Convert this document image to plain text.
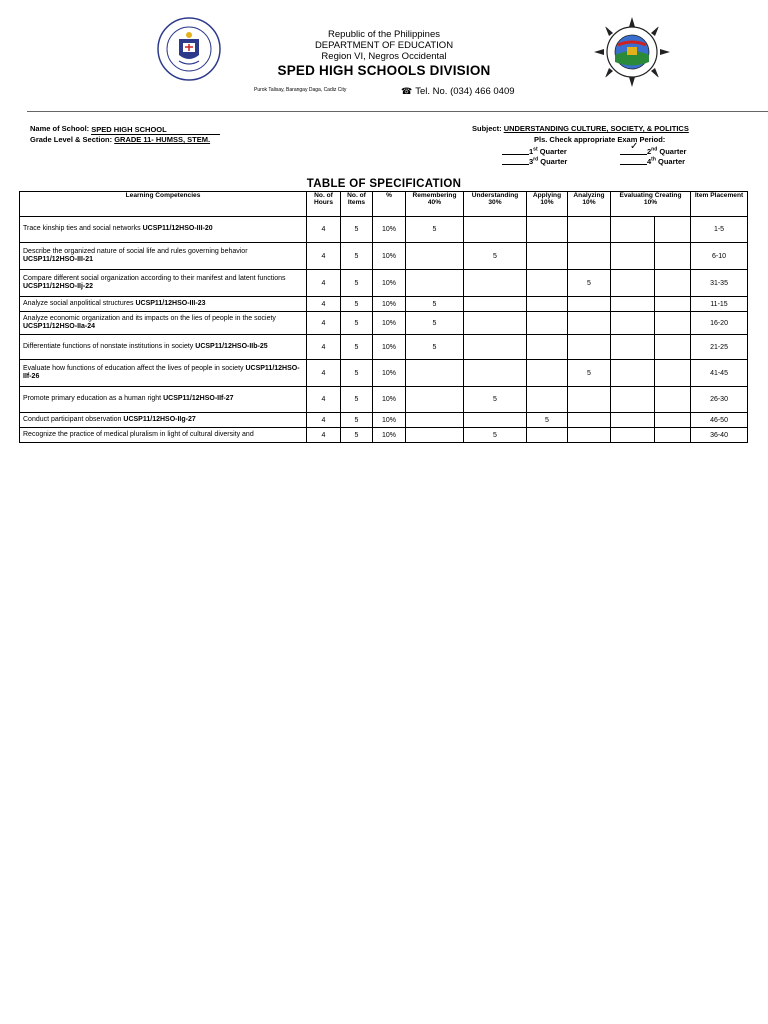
Republic of the Philippines
DEPARTMENT OF EDUCATION
Region VI, Negros Occidental
SPED HIGH SCHOOLS DIVISION
Purok Talisay, Barangay Daga, Cadiz City	☎ Tel. No. (034) 466 0409
Name of School: SPED HIGH SCHOOL
Grade Level & Section: GRADE 11- HUMSS, STEM.
Subject: UNDERSTANDING CULTURE, SOCIETY, & POLITICS
Pls. Check appropriate Exam Period:
1st Quarter	✓ 2nd Quarter
3rd Quarter	4th Quarter
TABLE OF SPECIFICATION
Learning Competencies	No. of Hours	No. of Items	%	Remembering 40%	Understanding 30%	Applying 10%	Analyzing 10%	Evaluating Creating 10%		Item Placement
Trace kinship ties and social networks UCSP11/12HSO-III-20	4	5	10%	5						1-5
Describe the organized nature of social life and rules governing behavior UCSP11/12HSO-III-21	4	5	10%		5					6-10
Compare different social organization according to their manifest and latent functions UCSP11/12HSO-IIj-22	4	5	10%				5			31-35
Analyze social anpolitical structures UCSP11/12HSO-III-23	4	5	10%	5						11-15
Analyze economic organization and its impacts on the lies of people in the society UCSP11/12HSO-IIa-24	4	5	10%	5						16-20
Differentiate functions of nonstate institutions in society UCSP11/12HSO-IIb-25	4	5	10%	5						21-25
Evaluate how functions of education affect the lives of people in society UCSP11/12HSO-IIf-26	4	5	10%				5			41-45
Promote primary education as a human right UCSP11/12HSO-IIf-27	4	5	10%		5					26-30
Conduct participant observation UCSP11/12HSO-IIg-27	4	5	10%			5				46-50
Recognize the practice of medical pluralism in light of cultural diversity and	4	5	10%		5					36-40
